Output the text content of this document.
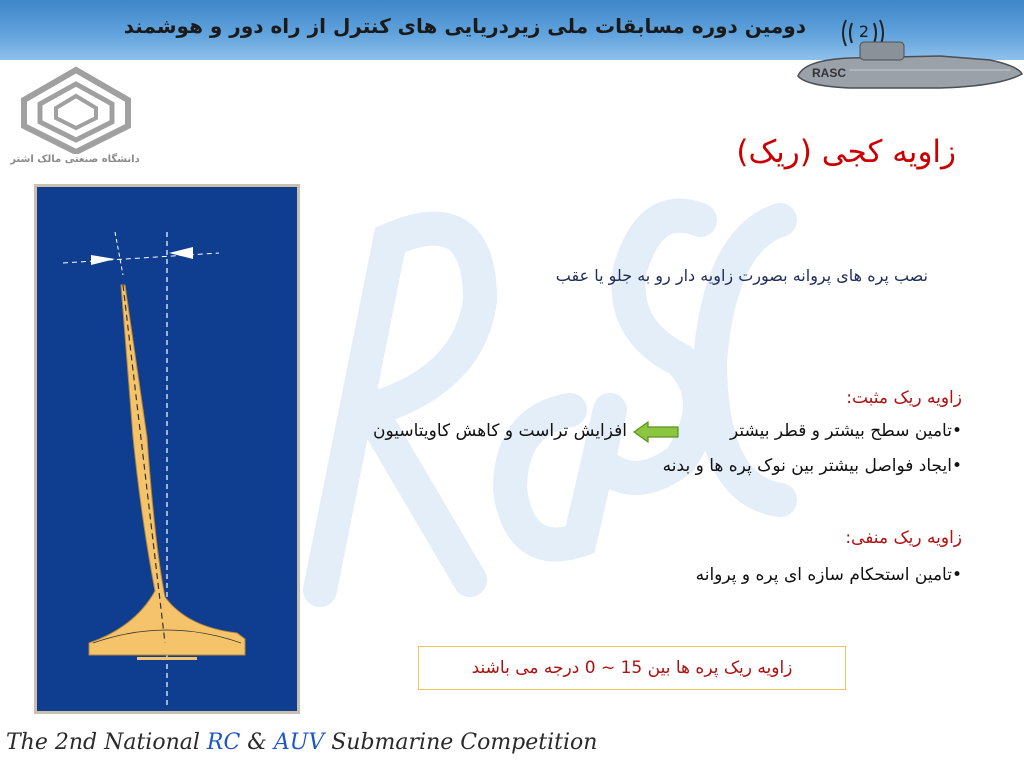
دومین دوره مسابقات ملی زیردریایی های کنترل از راه دور و هوشمند	2
RASC
دانشگاه صنعتی مالک اشتر	زاویه کجی (ریک)
نصب پره های پروانه بصورت زاویه دار رو به جلو یا عقب
زاویه ریک مثبت:
•تامین سطح بیشتر و قطر بیشتر
افزایش تراست و کاهش کاویتاسیون
•ایجاد فواصل بیشتر بین نوک پره ها و بدنه
زاویه ریک منفی:
•تامین استحکام سازه ای پره و پروانه
زاویه ریک پره ها بین 15 ~ 0 درجه می باشند
The 2nd National RC & AUV Submarine Competition
